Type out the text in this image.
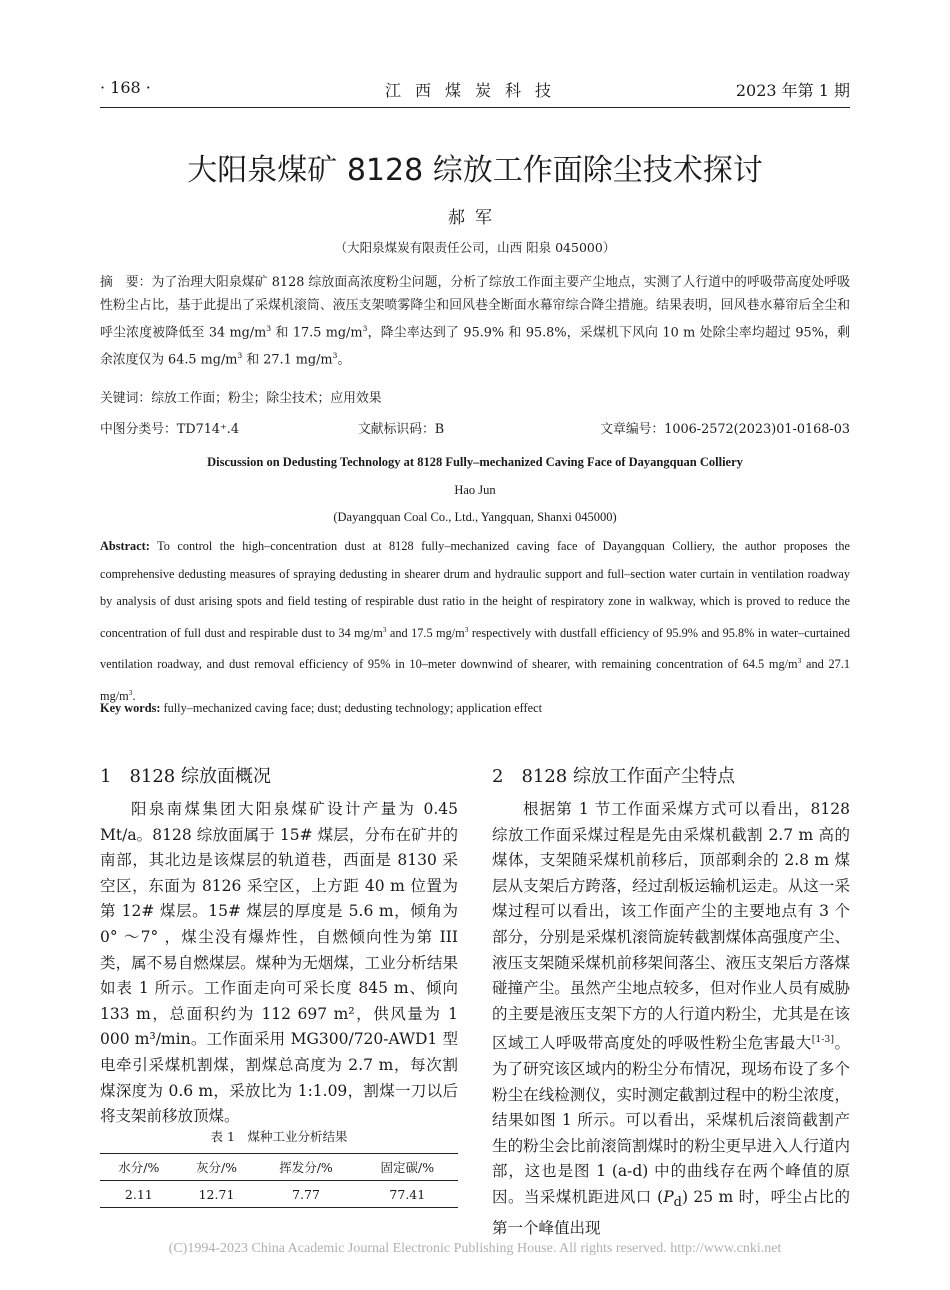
· 168 ·	江西煤炭科技	2023 年第 1 期
大阳泉煤矿 8128 综放工作面除尘技术探讨
郝军
（大阳泉煤炭有限责任公司，山西 阳泉 045000）
摘　要：为了治理大阳泉煤矿 8128 综放面高浓度粉尘问题，分析了综放工作面主要产尘地点，实测了人行道中的呼吸带高度处呼吸性粉尘占比，基于此提出了采煤机滚筒、液压支架喷雾降尘和回风巷全断面水幕帘综合降尘措施。结果表明，回风巷水幕帘后全尘和呼尘浓度被降低至 34 $mg/m^3$ 和 17.5 $mg/m^3$，降尘率达到了 95.9% 和 95.8%，采煤机下风向 10 m 处除尘率均超过 95%，剩余浓度仅为 64.5 $mg/m^3$ 和 27.1 $mg/m^3$。
关键词：综放工作面；粉尘；除尘技术；应用效果
中图分类号：TD714⁺.4	文献标识码：B	文章编号：1006-2572(2023)01-0168-03
Discussion on Dedusting Technology at 8128 Fully–mechanized Caving Face of Dayangquan Colliery
Hao Jun
(Dayangquan Coal Co., Ltd., Yangquan, Shanxi 045000)
Abstract: To control the high–concentration dust at 8128 fully–mechanized caving face of Dayangquan Colliery, the author proposes the comprehensive dedusting measures of spraying dedusting in shearer drum and hydraulic support and full–section water curtain in ventilation roadway by analysis of dust arising spots and field testing of respirable dust ratio in the height of respiratory zone in walkway, which is proved to reduce the concentration of full dust and respirable dust to 34 $mg/m^3$ and 17.5 $mg/m^3$ respectively with dustfall efficiency of 95.9% and 95.8% in water–curtained ventilation roadway, and dust removal efficiency of 95% in 10–meter downwind of shearer, with remaining concentration of 64.5 $mg/m^3$ and 27.1 $mg/m^3$.
Key words: fully–mechanized caving face; dust; dedusting technology; application effect
1　8128 综放面概况	2　8128 综放工作面产尘特点

阳泉南煤集团大阳泉煤矿设计产量为 0.45 Mt/a。8128 综放面属于 15# 煤层，分布在矿井的南部，其北边是该煤层的轨道巷，西面是 8130 采空区，东面为 8126 采空区，上方距 40 m 位置为第 12# 煤层。15# 煤层的厚度是 5.6 m，倾角为 0° ～7° ，煤尘没有爆炸性，自燃倾向性为第 III 类，属不易自燃煤层。煤种为无烟煤，工业分析结果如表 1 所示。工作面走向可采长度 845 m、倾向 133 m，总面积约为 112 697 m²，供风量为 1 000 m³/min。工作面采用 MG300/720-AWD1 型电牵引采煤机割煤，割煤总高度为 2.7 m，每次割煤深度为 0.6 m，采放比为 1:1.09，割煤一刀以后将支架前移放顶煤。

表 1　煤种工业分析结果
水分/%	灰分/%	挥发分/%	固定碳/%
2.11	12.71	7.77	77.41

根据第 1 节工作面采煤方式可以看出，8128 综放工作面采煤过程是先由采煤机截割 2.7 m 高的煤体，支架随采煤机前移后，顶部剩余的 2.8 m 煤层从支架后方跨落，经过刮板运输机运走。从这一采煤过程可以看出，该工作面产尘的主要地点有 3 个部分，分别是采煤机滚筒旋转截割煤体高强度产尘、液压支架随采煤机前移架间落尘、液压支架后方落煤碰撞产尘。虽然产尘地点较多，但对作业人员有威胁的主要是液压支架下方的人行道内粉尘，尤其是在该区域工人呼吸带高度处的呼吸性粉尘危害最大[1-3]。为了研究该区域内的粉尘分布情况，现场布设了多个粉尘在线检测仪，实时测定截割过程中的粉尘浓度，结果如图 1 所示。可以看出，采煤机后滚筒截割产生的粉尘会比前滚筒割煤时的粉尘更早进入人行道内部，这也是图 1 (a-d) 中的曲线存在两个峰值的原因。当采煤机距进风口 $(P_d)$ 25 m 时，呼尘占比的第一个峰值出现

(C)1994-2023 China Academic Journal Electronic Publishing House. All rights reserved. http://www.cnki.net
